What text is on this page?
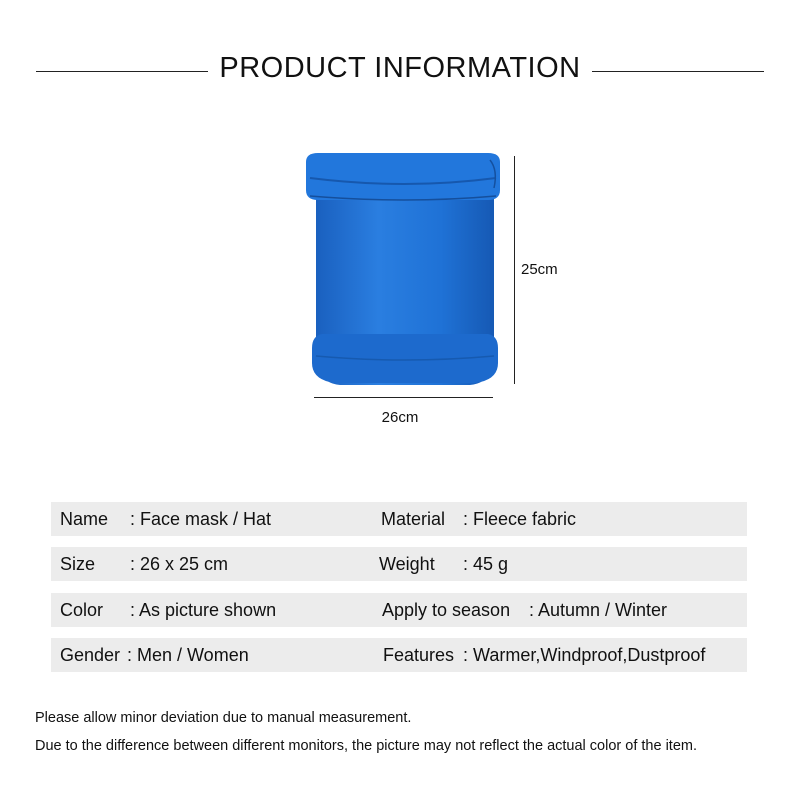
PRODUCT INFORMATION
25cm
26cm
Name : Face mask / Hat	Material : Fleece fabric
Size : 26 x 25 cm	Weight : 45 g
Color : As picture shown	Apply to season : Autumn / Winter
Gender : Men / Women	Features : Warmer,Windproof,Dustproof
Please allow minor deviation due to manual measurement.
Due to the difference between different monitors, the picture may not reflect the actual color of the item.
